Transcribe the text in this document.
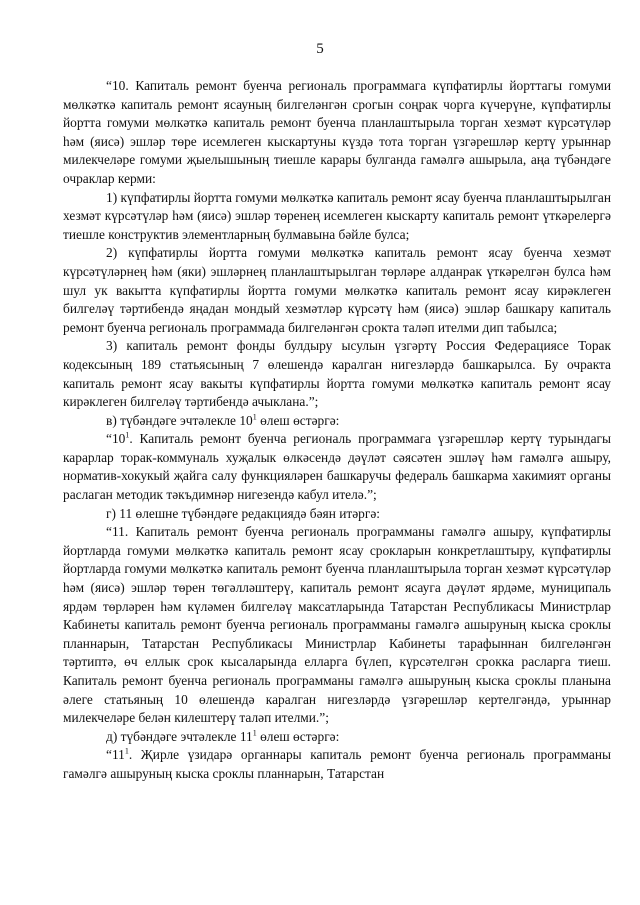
5

“10. Капиталь ремонт буенча региональ программага күпфатирлы йорттагы гомуми мөлкәткә капиталь ремонт ясауның билгеләнгән срогын соңрак чорга күчерүне, күпфатирлы йортта гомуми мөлкәткә капиталь ремонт буенча планлаштырыла торган хезмәт күрсәтүләр һәм (яисә) эшләр төре исемлеген кыскартуны күздә тота торган үзгәрешләр кертү урыннар милекчеләре гомуми җыелышының тиешле карары булганда гамәлгә ашырыла, аңа түбәндәге очраклар керми:

1) күпфатирлы йортта гомуми мөлкәткә капиталь ремонт ясау буенча планлаштырылган хезмәт күрсәтүләр һәм (яисә) эшләр төренең исемлеген кыскарту капиталь ремонт үткәрелергә тиешле конструктив элементларның булмавына бәйле булса;

2) күпфатирлы йортта гомуми мөлкәткә капиталь ремонт ясау буенча хезмәт күрсәтүләрнең һәм (яки) эшләрнең планлаштырылган төрләре алданрак үткәрелгән булса һәм шул ук вакытта күпфатирлы йортта гомуми мөлкәткә капиталь ремонт ясау кирәклеген билгеләү тәртибендә яңадан мондый хезмәтләр күрсәтү һәм (яисә) эшләр башкару капиталь ремонт буенча региональ программада билгеләнгән срокта таләп ителми дип табылса;

3) капиталь ремонт фонды булдыру ысулын үзгәртү Россия Федерациясе Торак кодексының 189 статьясының 7 өлешендә каралган нигезләрдә башкарылса. Бу очракта капиталь ремонт ясау вакыты күпфатирлы йортта гомуми мөлкәткә капиталь ремонт ясау кирәклеген билгеләү тәртибендә ачыклана.”;

в) түбәндәге эчтәлекле $10^1$ өлеш өстәргә:

“$10^1$. Капиталь ремонт буенча региональ программага үзгәрешләр кертү турындагы карарлар торак-коммуналь хуҗалык өлкәсендә дәүләт сәясәтен эшләү һәм гамәлгә ашыру, норматив-хокукый җайга салу функцияләрен башкаручы федераль башкарма хакимият органы раслаган методик тәкъдимнәр нигезендә кабул ителә.”;

г) 11 өлешне түбәндәге редакциядә бәян итәргә:

“11. Капиталь ремонт буенча региональ программаны гамәлгә ашыру, күпфатирлы йортларда гомуми мөлкәткә капиталь ремонт ясау срокларын конкретлаштыру, күпфатирлы йортларда гомуми мөлкәткә капиталь ремонт буенча планлаштырыла торган хезмәт күрсәтүләр һәм (яисә) эшләр төрен төгәлләштерү, капиталь ремонт ясауга дәүләт ярдәме, муниципаль ярдәм төрләрен һәм күләмен билгеләү максатларында Татарстан Республикасы Министрлар Кабинеты капиталь ремонт буенча региональ программаны гамәлгә ашыруның кыска сроклы планнарын, Татарстан Республикасы Министрлар Кабинеты тарафыннан билгеләнгән тәртиптә, өч еллык срок кысаларында елларга бүлеп, күрсәтелгән срокка расларга тиеш. Капиталь ремонт буенча региональ программаны гамәлгә ашыруның кыска сроклы планына әлеге статьяның 10 өлешендә каралган нигезләрдә үзгәрешләр кертелгәндә, урыннар милекчеләре белән килештерү таләп ителми.”;

д) түбәндәге эчтәлекле $11^1$ өлеш өстәргә:

“$11^1$. Җирле үзидарә органнары капиталь ремонт буенча региональ программаны гамәлгә ашыруның кыска сроклы планнарын, Татарстан
